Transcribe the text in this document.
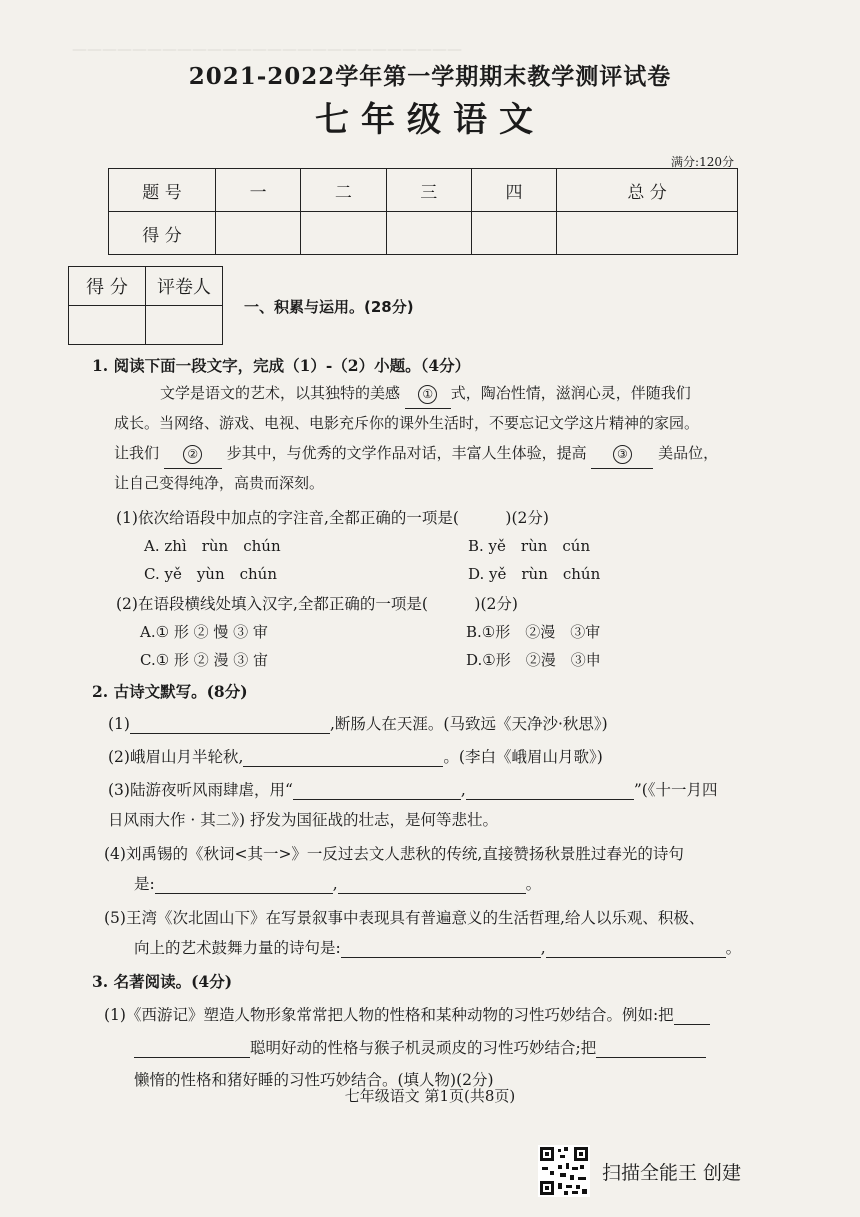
——————————————————————————
2021-2022学年第一学期期末教学测评试卷
七年级语文
满分:120分
题 号	一	二	三	四	总 分
得 分					
得 分	评卷人

一、积累与运用。(28分)
1. 阅读下面一段文字，完成（1）-（2）小题。（4分）
文学是语文的艺术，以其独特的美感 ① 式，陶冶性情，滋润心灵，伴随我们
成长。当网络、游戏、电视、电影充斥你的课外生活时，不要忘记文学这片精神的家园。
让我们 ② 步其中，与优秀的文学作品对话，丰富人生体验，提高	③ 美品位，
让自己变得纯净，高贵而深刻。
(1)依次给语段中加点的字注音,全都正确的一项是(　　　)(2分)
A. zhì　rùn　chún	B. yě　rùn　cún
C. yě　yùn　chún	D. yě　rùn　chún
(2)在语段横线处填入汉字,全都正确的一项是(　　　)(2分)
A.① 形 ② 慢 ③ 审	B.①形　②漫　③审
C.① 形 ② 漫 ③ 宙	D.①形　②漫　③申
2. 古诗文默写。(8分)
(1)	,断肠人在天涯。(马致远《天净沙·秋思》)
(2)峨眉山月半轮秋,	。(李白《峨眉山月歌》)
(3)陆游夜听风雨肆虐，用“	,	”(《十一月四
日风雨大作 · 其二》) 抒发为国征战的壮志，是何等悲壮。
(4)刘禹锡的《秋词<其一>》一反过去文人悲秋的传统,直接赞扬秋景胜过春光的诗句
是:	,	。
(5)王湾《次北固山下》在写景叙事中表现具有普遍意义的生活哲理,给人以乐观、积极、
向上的艺术鼓舞力量的诗句是:	,	。
3. 名著阅读。(4分)
(1)《西游记》塑造人物形象常常把人物的性格和某种动物的习性巧妙结合。例如:把
聪明好动的性格与猴子机灵顽皮的习性巧妙结合;把
懒惰的性格和猪好睡的习性巧妙结合。(填人物)(2分)
七年级语文 第1页(共8页)
扫描全能王 创建
